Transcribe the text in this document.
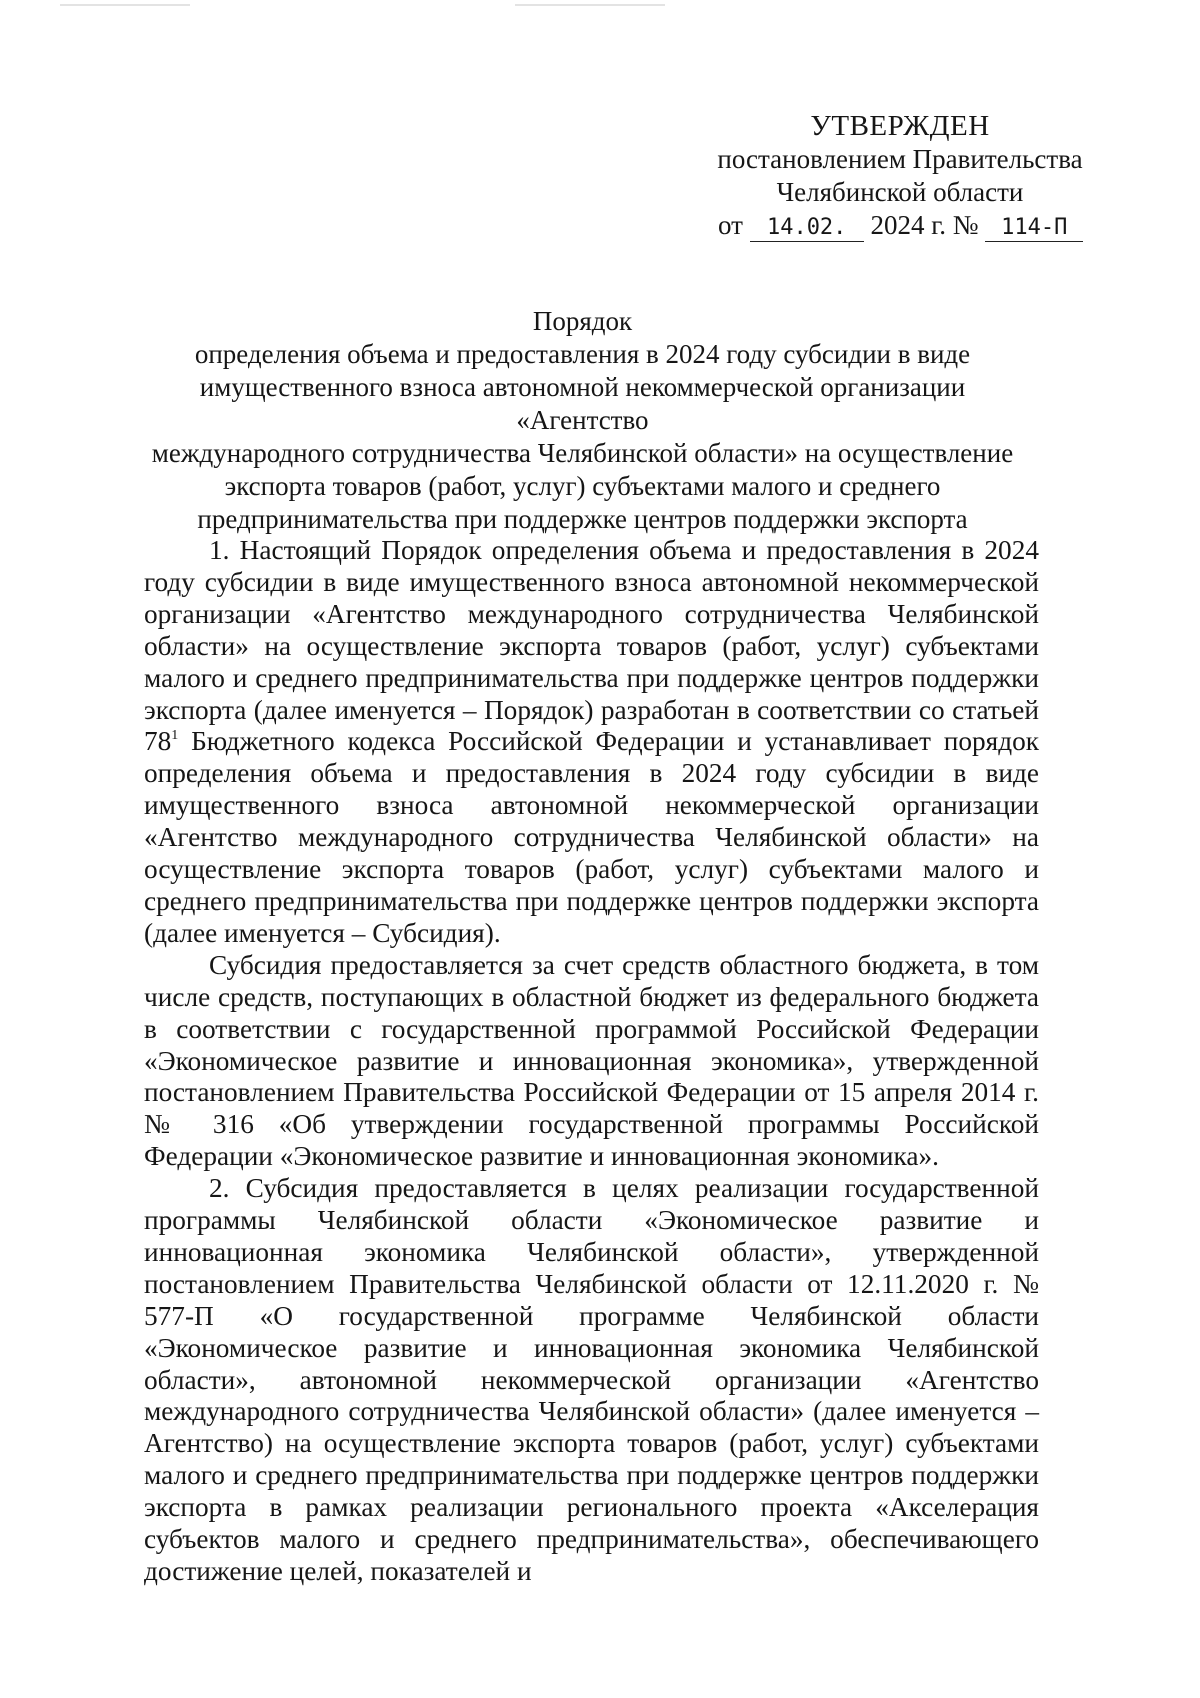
УТВЕРЖДЕН
постановлением Правительства
Челябинской области
от 14.02. 2024 г. № 114-П
Порядок
определения объема и предоставления в 2024 году субсидии в виде
имущественного взноса автономной некоммерческой организации «Агентство
международного сотрудничества Челябинской области» на осуществление
экспорта товаров (работ, услуг) субъектами малого и среднего
предпринимательства при поддержке центров поддержки экспорта

1. Настоящий Порядок определения объема и предоставления в 2024 году субсидии в виде имущественного взноса автономной некоммерческой организации «Агентство международного сотрудничества Челябинской области» на осуществление экспорта товаров (работ, услуг) субъектами малого и среднего предпринимательства при поддержке центров поддержки экспорта (далее именуется – Порядок) разработан в соответствии со статьей $78^1$ Бюджетного кодекса Российской Федерации и устанавливает порядок определения объема и предоставления в 2024 году субсидии в виде имущественного взноса автономной некоммерческой организации «Агентство международного сотрудничества Челябинской области» на осуществление экспорта товаров (работ, услуг) субъектами малого и среднего предпринимательства при поддержке центров поддержки экспорта (далее именуется – Субсидия).

Субсидия предоставляется за счет средств областного бюджета, в том числе средств, поступающих в областной бюджет из федерального бюджета в соответствии с государственной программой Российской Федерации «Экономическое развитие и инновационная экономика», утвержденной постановлением Правительства Российской Федерации от 15 апреля 2014 г. № 316 «Об утверждении государственной программы Российской Федерации «Экономическое развитие и инновационная экономика».

2. Субсидия предоставляется в целях реализации государственной программы Челябинской области «Экономическое развитие и инновационная экономика Челябинской области», утвержденной постановлением Правительства Челябинской области от 12.11.2020 г. № 577-П «О государственной программе Челябинской области «Экономическое развитие и инновационная экономика Челябинской области», автономной некоммерческой организации «Агентство международного сотрудничества Челябинской области» (далее именуется – Агентство) на осуществление экспорта товаров (работ, услуг) субъектами малого и среднего предпринимательства при поддержке центров поддержки экспорта в рамках реализации регионального проекта «Акселерация субъектов малого и среднего предпринимательства», обеспечивающего достижение целей, показателей и
